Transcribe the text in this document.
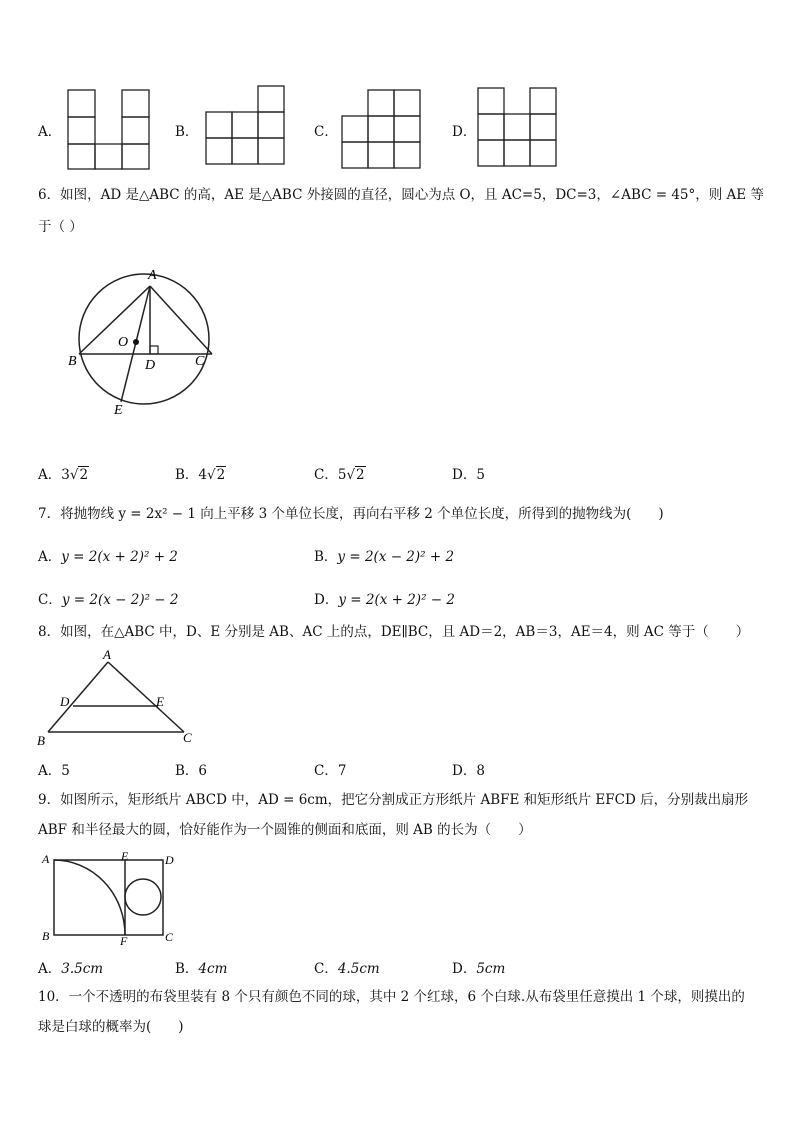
A．	B．	C．	D．
6．如图，AD 是△ABC 的高，AE 是△ABC 外接圆的直径，圆心为点 O，且 AC=5，DC=3，∠ABC = 45°，则 AE 等
于（ ）
A
B	C
D
E
O
A．3√2	B．4√2	C．5√2	D．5
7．将抛物线 y = 2x² − 1 向上平移 3 个单位长度，再向右平移 2 个单位长度，所得到的抛物线为(　　)
A．y = 2(x + 2)² + 2	B．y = 2(x − 2)² + 2
C．y = 2(x − 2)² − 2	D．y = 2(x + 2)² − 2
8．如图，在△ABC 中，D、E 分别是 AB、AC 上的点，DE∥BC，且 AD＝2，AB＝3，AE＝4，则 AC 等于（　　）
A
D	E
B	C
A．5	B．6	C．7	D．8
9．如图所示，矩形纸片 ABCD 中，AD = 6cm，把它分割成正方形纸片 ABFE 和矩形纸片 EFCD 后，分别裁出扇形
ABF 和半径最大的圆，恰好能作为一个圆锥的侧面和底面，则 AB 的长为（　　）
A	E	D
B	F	C
A．3.5cm	B．4cm	C．4.5cm	D．5cm
10．一个不透明的布袋里装有 8 个只有颜色不同的球，其中 2 个红球，6 个白球.从布袋里任意摸出 1 个球，则摸出的
球是白球的概率为(　　)
